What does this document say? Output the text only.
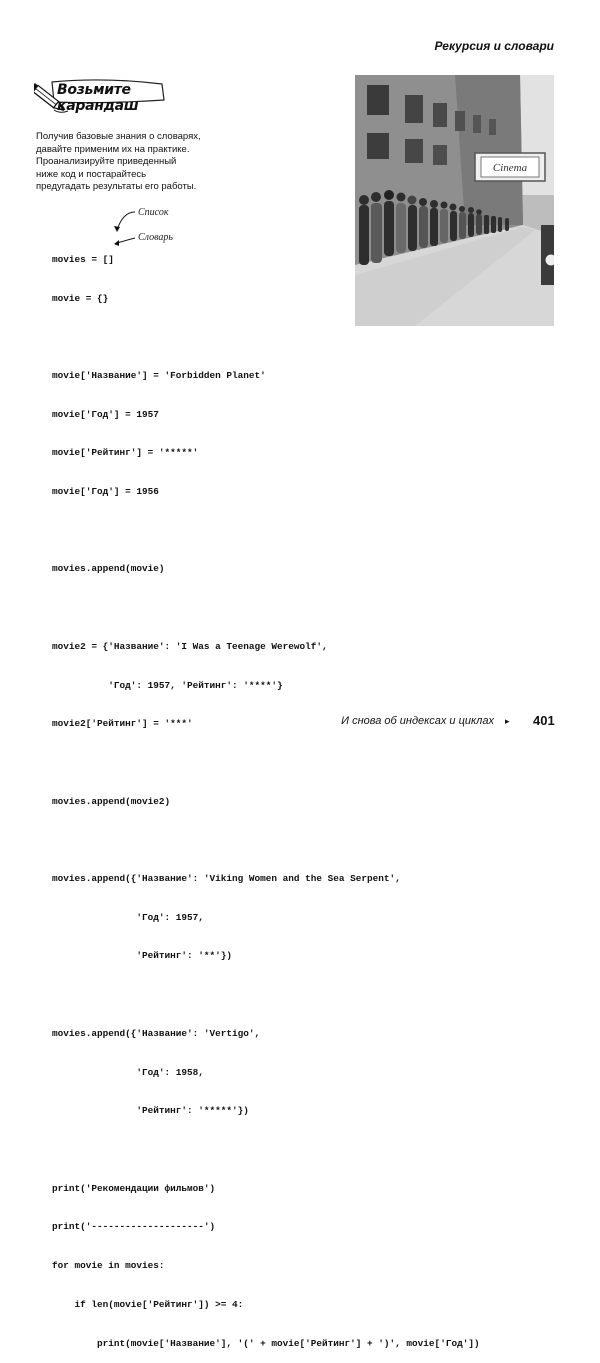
Рекурсия и словари
Возьмите карандаш
Получив базовые знания о словарях,
давайте применим их на практике.
Проанализируйте приведенный
ниже код и постарайтесь
предугадать результаты его работы.
Cinema
Список
Словарь

movies = []

movie = {}

movie['Название'] = 'Forbidden Planet'

movie['Год'] = 1957

movie['Рейтинг'] = '*****'

movie['Год'] = 1956

movies.append(movie)

movie2 = {'Название': 'I Was a Teenage Werewolf',

'Год': 1957, 'Рейтинг': '****'}

movie2['Рейтинг'] = '***'

movies.append(movie2)

movies.append({'Название': 'Viking Women and the Sea Serpent',

'Год': 1957,

'Рейтинг': '**'})

movies.append({'Название': 'Vertigo',

'Год': 1958,

'Рейтинг': '*****'})

print('Рекомендации фильмов')

print('--------------------')

for movie in movies:

if len(movie['Рейтинг']) >= 4:

print(movie['Название'], '(' + movie['Рейтинг'] + ')', movie['Год'])

И снова об индексах и циклах ▸ 401
